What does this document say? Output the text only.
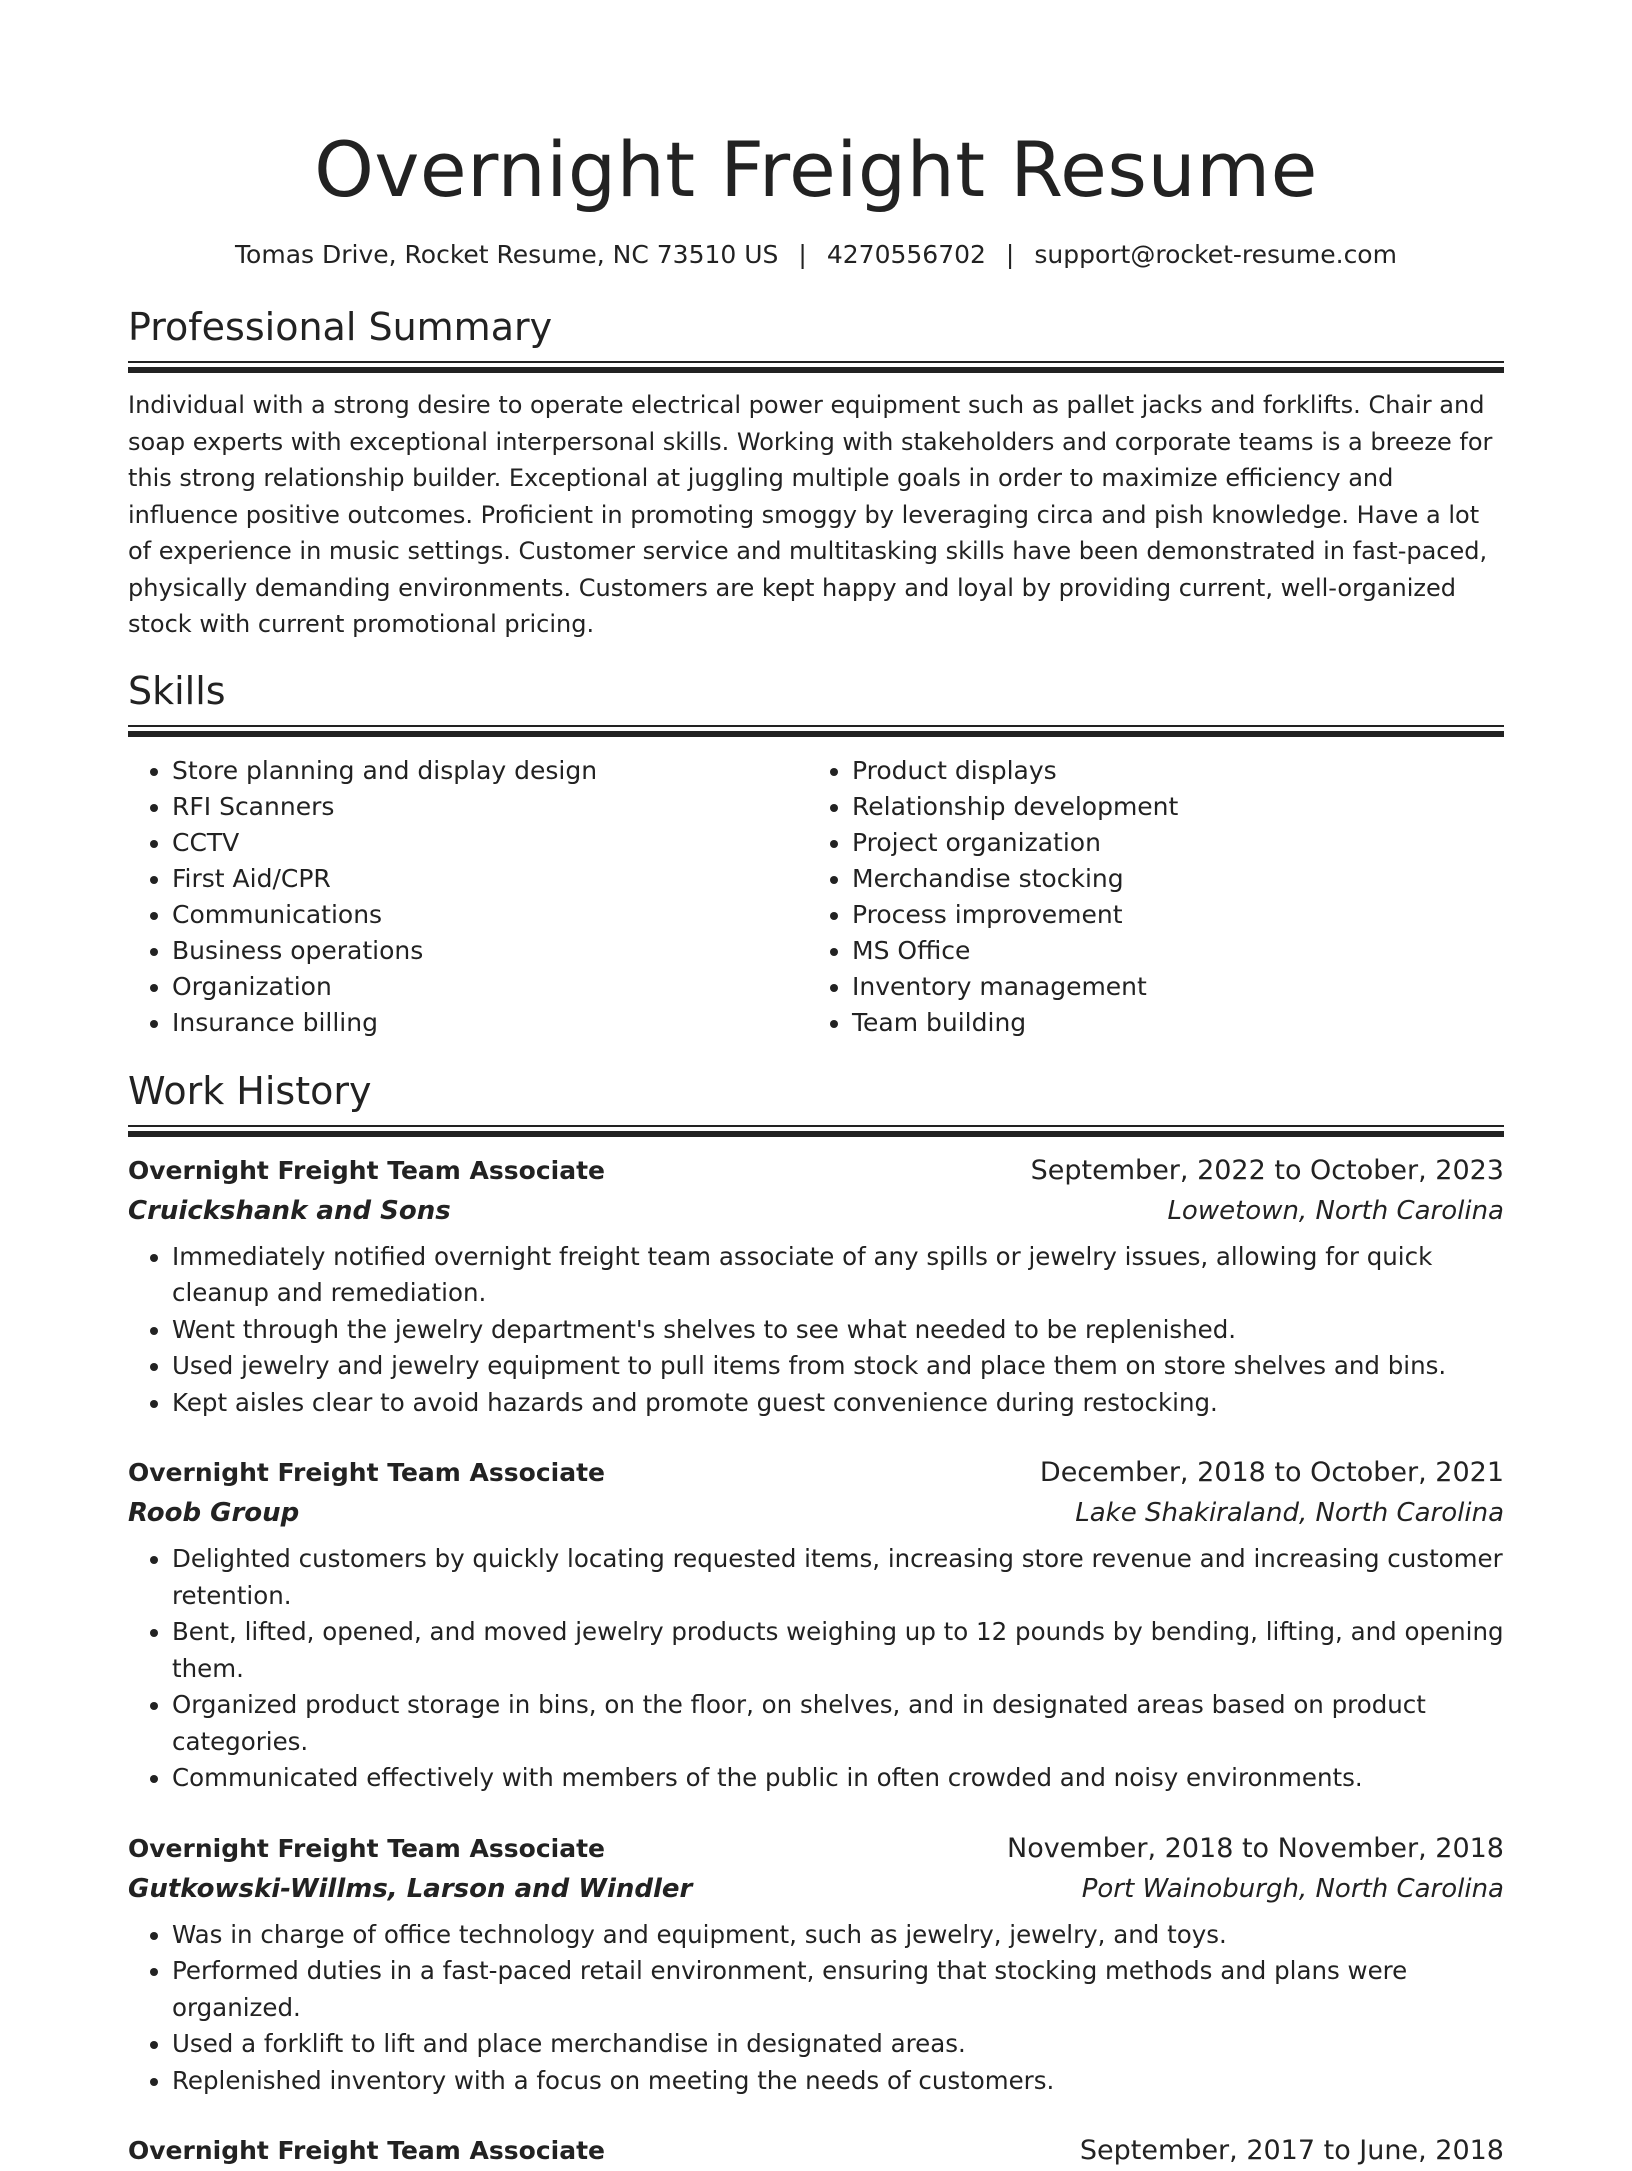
Overnight Freight Resume
Tomas Drive, Rocket Resume, NC 73510 US | 4270556702 | support@rocket-resume.com
Professional Summary

Individual with a strong desire to operate electrical power equipment such as pallet jacks and forklifts. Chair and soap experts with exceptional interpersonal skills. Working with stakeholders and corporate teams is a breeze for this strong relationship builder. Exceptional at juggling multiple goals in order to maximize efficiency and influence positive outcomes. Proficient in promoting smoggy by leveraging circa and pish knowledge. Have a lot of experience in music settings. Customer service and multitasking skills have been demonstrated in fast-paced, physically demanding environments. Customers are kept happy and loyal by providing current, well-organized stock with current promotional pricing.

Skills
• Store planning and display design
• RFI Scanners
• CCTV
• First Aid/CPR
• Communications
• Business operations
• Organization
• Insurance billing
• Product displays
• Relationship development
• Project organization
• Merchandise stocking
• Process improvement
• MS Office
• Inventory management
• Team building
Work History
Overnight Freight Team Associate	September, 2022 to October, 2023
Cruickshank and Sons	Lowetown, North Carolina
• Immediately notified overnight freight team associate of any spills or jewelry issues, allowing for quick cleanup and remediation.
• Went through the jewelry department's shelves to see what needed to be replenished.
• Used jewelry and jewelry equipment to pull items from stock and place them on store shelves and bins.
• Kept aisles clear to avoid hazards and promote guest convenience during restocking.
Overnight Freight Team Associate	December, 2018 to October, 2021
Roob Group	Lake Shakiraland, North Carolina
• Delighted customers by quickly locating requested items, increasing store revenue and increasing customer retention.
• Bent, lifted, opened, and moved jewelry products weighing up to 12 pounds by bending, lifting, and opening them.
• Organized product storage in bins, on the floor, on shelves, and in designated areas based on product categories.
• Communicated effectively with members of the public in often crowded and noisy environments.
Overnight Freight Team Associate	November, 2018 to November, 2018
Gutkowski-Willms, Larson and Windler	Port Wainoburgh, North Carolina
• Was in charge of office technology and equipment, such as jewelry, jewelry, and toys.
• Performed duties in a fast-paced retail environment, ensuring that stocking methods and plans were organized.
• Used a forklift to lift and place merchandise in designated areas.
• Replenished inventory with a focus on meeting the needs of customers.
Overnight Freight Team Associate	September, 2017 to June, 2018
